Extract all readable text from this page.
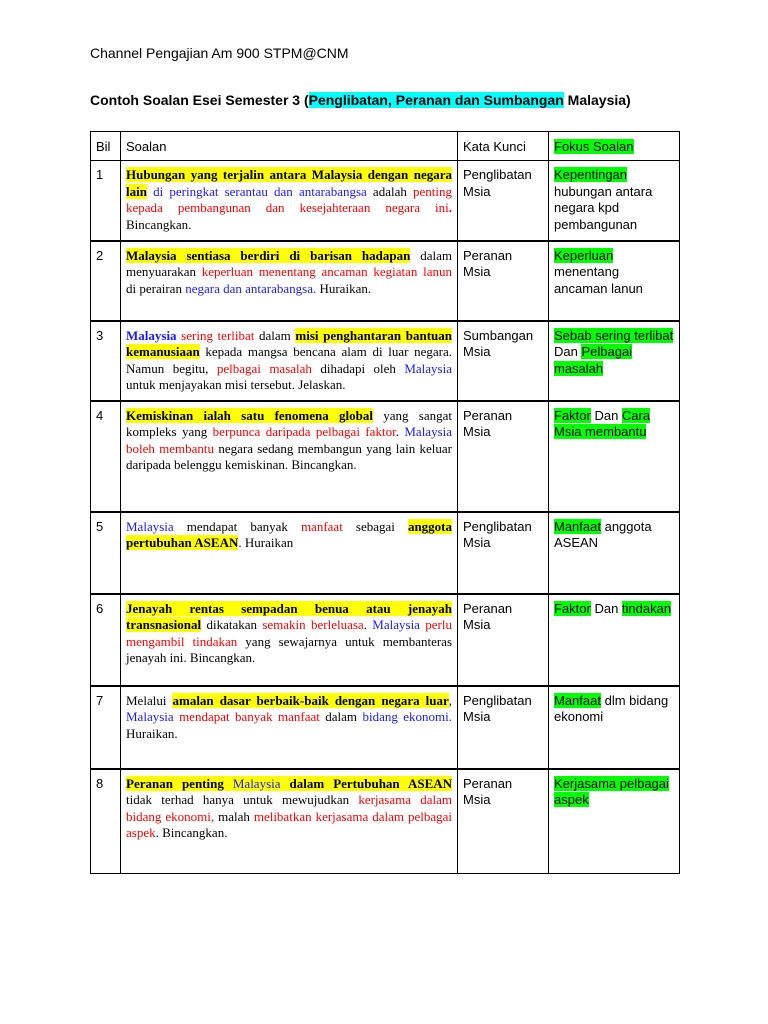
Channel Pengajian Am 900 STPM@CNM
Contoh Soalan Esei Semester 3 (Penglibatan, Peranan dan Sumbangan Malaysia)
Bil	Soalan	Kata Kunci	Fokus Soalan
1	Hubungan yang terjalin antara Malaysia dengan negara lain di peringkat serantau dan antarabangsa adalah penting kepada pembangunan dan kesejahteraan negara ini. Bincangkan.	Penglibatan Msia	Kepentingan hubungan antara negara kpd pembangunan
2	Malaysia sentiasa berdiri di barisan hadapan dalam menyuarakan keperluan menentang ancaman kegiatan lanun di perairan negara dan antarabangsa. Huraikan.	Peranan Msia	Keperluan menentang ancaman lanun
3	Malaysia sering terlibat dalam misi penghantaran bantuan kemanusiaan kepada mangsa bencana alam di luar negara. Namun begitu, pelbagai masalah dihadapi oleh Malaysia untuk menjayakan misi tersebut. Jelaskan.	Sumbangan Msia	Sebab sering terlibat Dan Pelbagai masalah
4	Kemiskinan ialah satu fenomena global yang sangat kompleks yang berpunca daripada pelbagai faktor. Malaysia boleh membantu negara sedang membangun yang lain keluar daripada belenggu kemiskinan. Bincangkan.	Peranan Msia	Faktor Dan Cara Msia membantu
5	Malaysia mendapat banyak manfaat sebagai anggota pertubuhan ASEAN. Huraikan	Penglibatan Msia	Manfaat anggota ASEAN
6	Jenayah rentas sempadan benua atau jenayah transnasional dikatakan semakin berleluasa. Malaysia perlu mengambil tindakan yang sewajarnya untuk membanteras jenayah ini. Bincangkan.	Peranan Msia	Faktor Dan tindakan
7	Melalui amalan dasar berbaik-baik dengan negara luar, Malaysia mendapat banyak manfaat dalam bidang ekonomi. Huraikan.	Penglibatan Msia	Manfaat dlm bidang ekonomi
8	Peranan penting Malaysia dalam Pertubuhan ASEAN tidak terhad hanya untuk mewujudkan kerjasama dalam bidang ekonomi, malah melibatkan kerjasama dalam pelbagai aspek. Bincangkan.	Peranan Msia	Kerjasama pelbagai aspek
